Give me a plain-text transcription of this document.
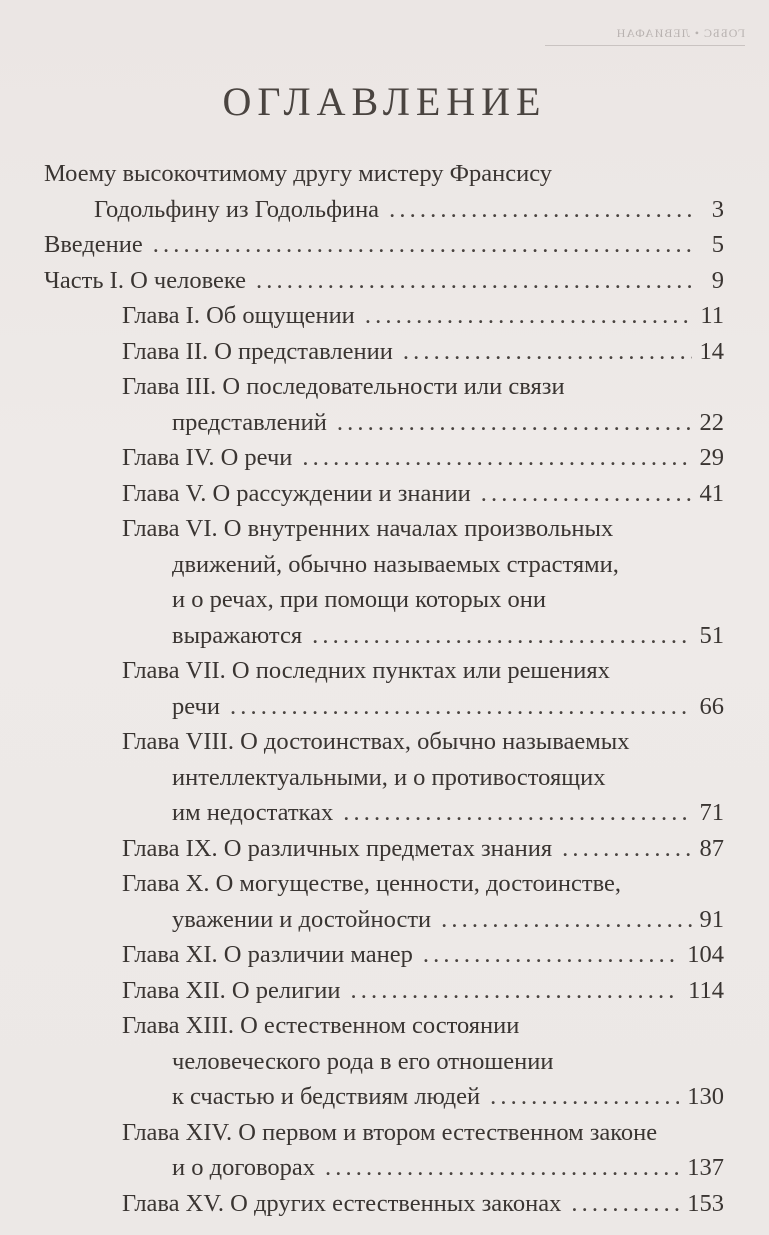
ГОББС • ЛЕВИАФАН
ОГЛАВЛЕНИЕ
Моему высокочтимому другу мистеру Франсису
Годольфину из Годольфина . . .	3
Введение . . .	5
Часть I. О человеке . . .	9
Глава I. Об ощущении . . .	11
Глава II. О представлении . . .	14
Глава III. О последовательности или связи
представлений . . .	22
Глава IV. О речи . . .	29
Глава V. О рассуждении и знании . . .	41
Глава VI. О внутренних началах произвольных
движений, обычно называемых страстями,
и о речах, при помощи которых они
выражаются . . .	51
Глава VII. О последних пунктах или решениях
речи . . .	66
Глава VIII. О достоинствах, обычно называемых
интеллектуальными, и о противостоящих
им недостатках . . .	71
Глава IX. О различных предметах знания . . .	87
Глава X. О могуществе, ценности, достоинстве,
уважении и достойности . . .	91
Глава XI. О различии манер . . .	104
Глава XII. О религии . . .	114
Глава XIII. О естественном состоянии
человеческого рода в его отношении
к счастью и бедствиям людей . . .	130
Глава XIV. О первом и втором естественном законе
и о договорах . . .	137
Глава XV. О других естественных законах . . .	153
